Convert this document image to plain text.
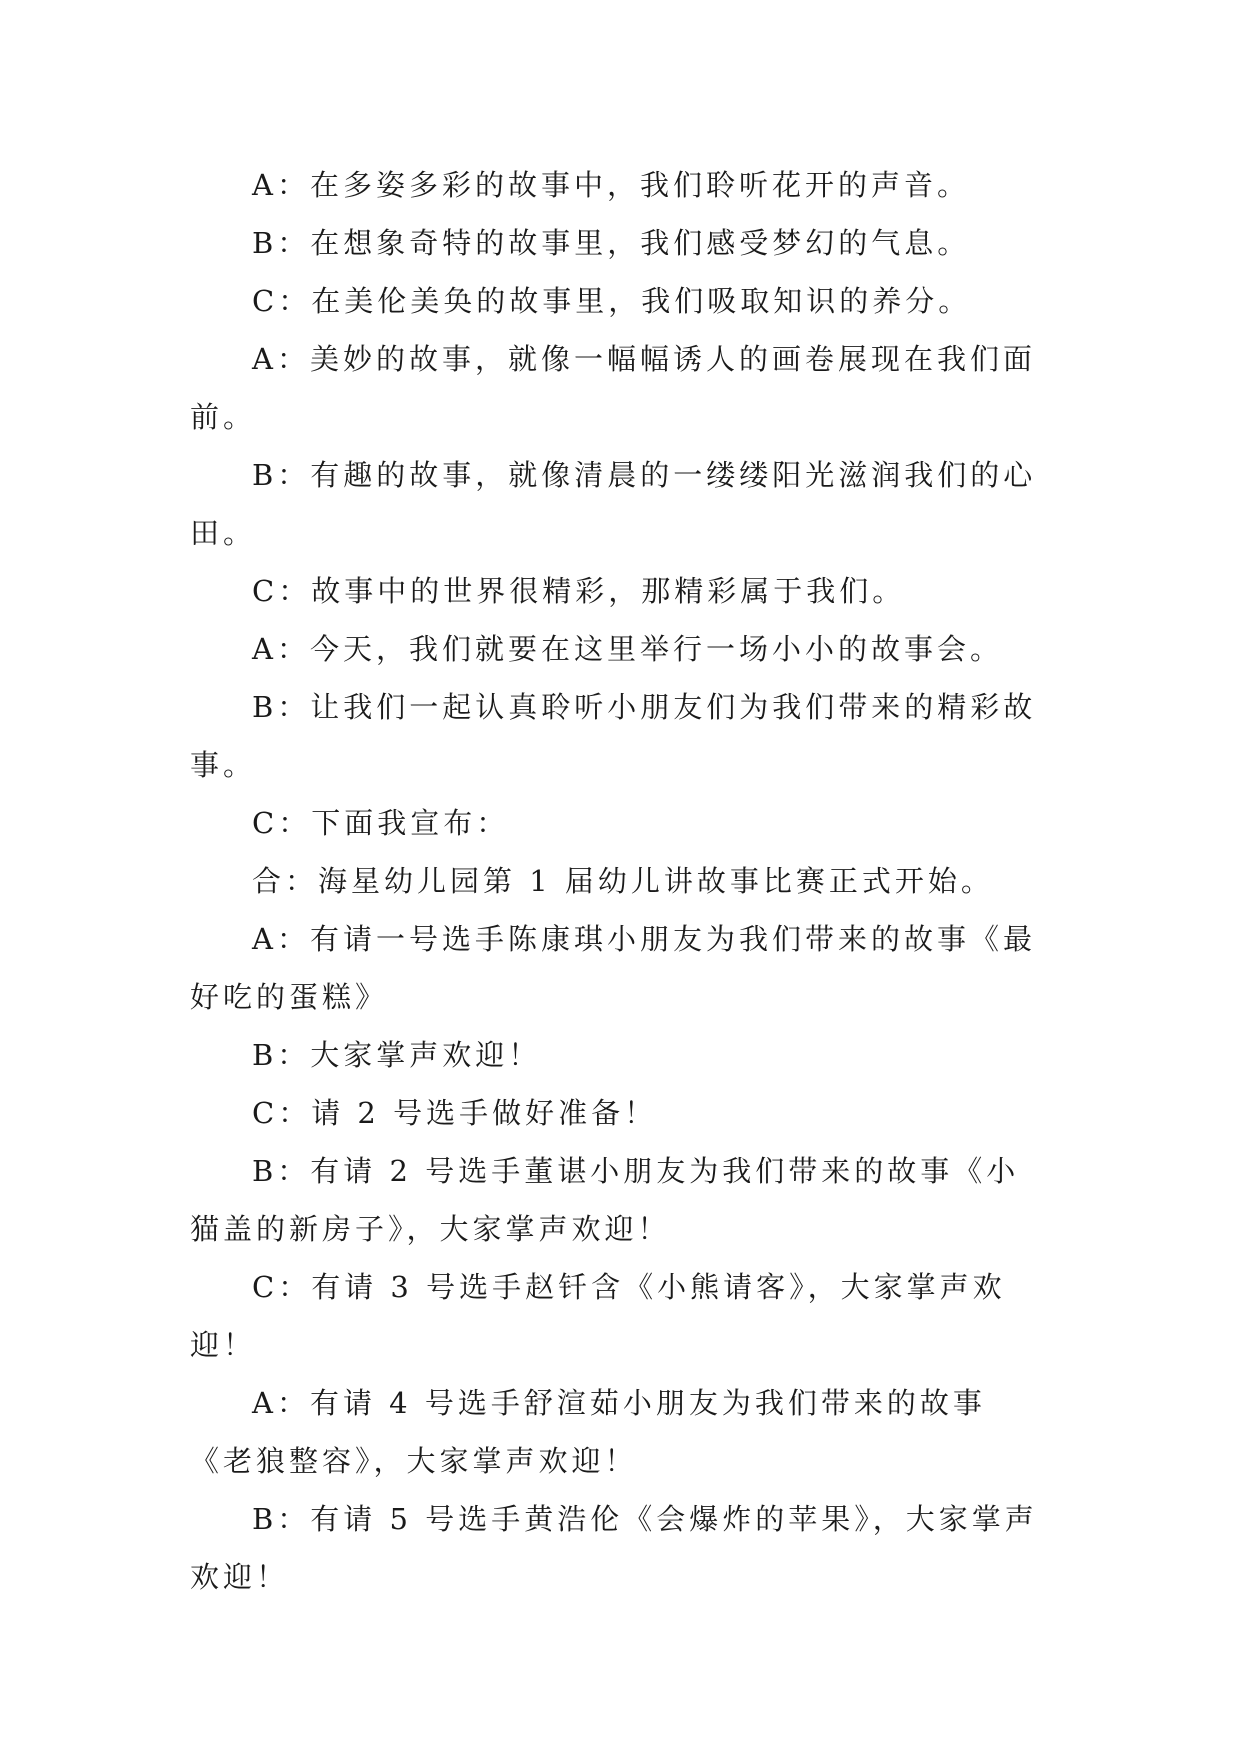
A：在多姿多彩的故事中，我们聆听花开的声音。

B：在想象奇特的故事里，我们感受梦幻的气息。

C：在美伦美奂的故事里，我们吸取知识的养分。

A：美妙的故事，就像一幅幅诱人的画卷展现在我们面前。

B：有趣的故事，就像清晨的一缕缕阳光滋润我们的心田。

C：故事中的世界很精彩，那精彩属于我们。

A：今天，我们就要在这里举行一场小小的故事会。

B：让我们一起认真聆听小朋友们为我们带来的精彩故事。

C：下面我宣布：

合：海星幼儿园第 1 届幼儿讲故事比赛正式开始。

A：有请一号选手陈康琪小朋友为我们带来的故事《最好吃的蛋糕》

B：大家掌声欢迎！

C：请 2 号选手做好准备！

B：有请 2 号选手董谌小朋友为我们带来的故事《小猫盖的新房子》，大家掌声欢迎！

C：有请 3 号选手赵钎含《小熊请客》，大家掌声欢迎！

A：有请 4 号选手舒渲茹小朋友为我们带来的故事《老狼整容》，大家掌声欢迎！

B：有请 5 号选手黄浩伦《会爆炸的苹果》，大家掌声欢迎！
